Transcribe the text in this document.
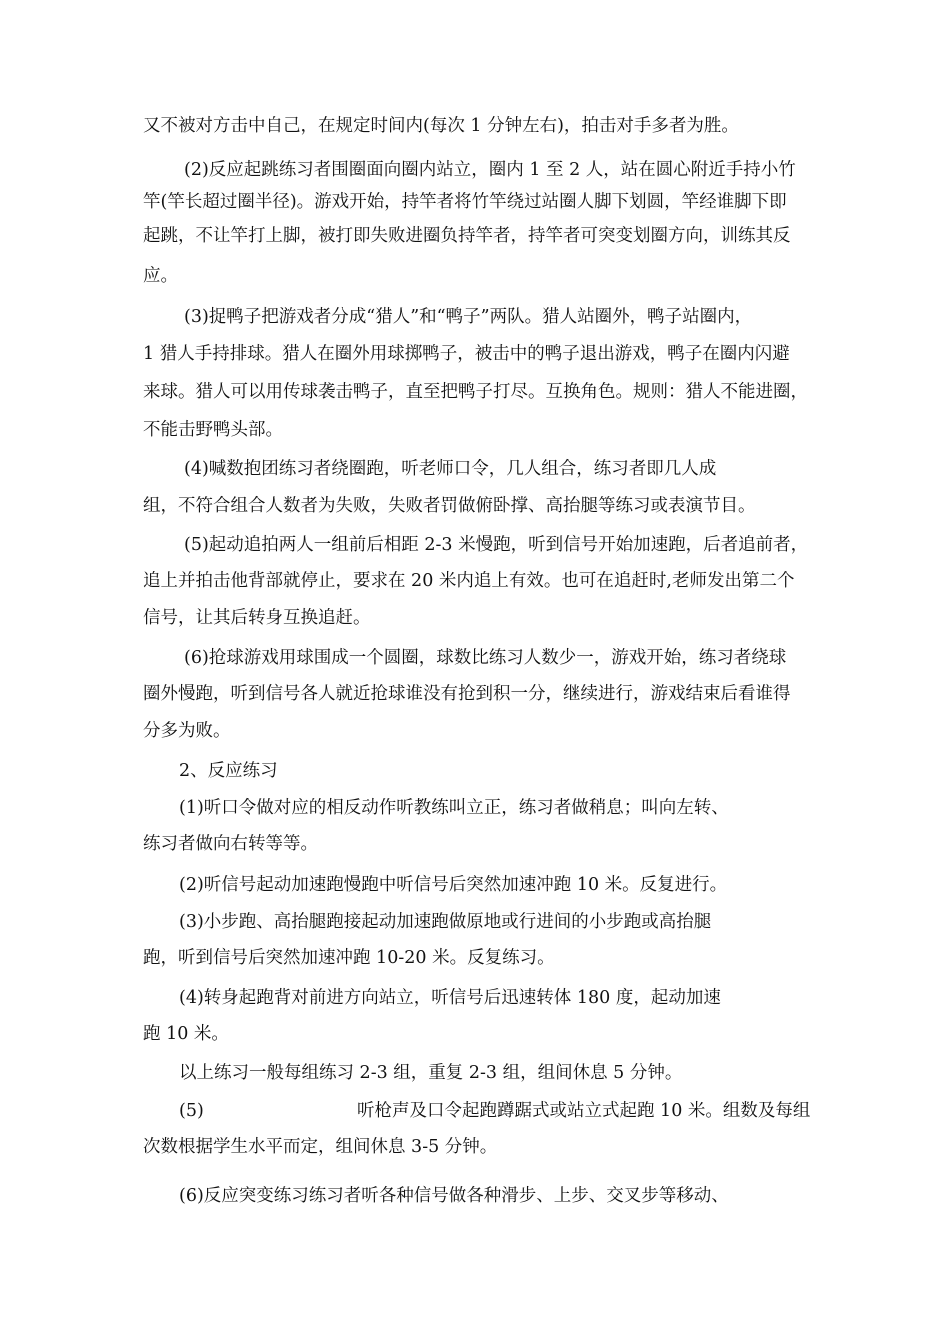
又不被对方击中自己，在规定时间内(每次 1 分钟左右)，拍击对手多者为胜。
(2)反应起跳练习者围圈面向圈内站立，圈内 1 至 2 人，站在圆心附近手持小竹
竿(竿长超过圈半径)。游戏开始，持竿者将竹竿绕过站圈人脚下划圆，竿经谁脚下即
起跳，不让竿打上脚，被打即失败进圈负持竿者，持竿者可突变划圈方向，训练其反
应。
(3)捉鸭子把游戏者分成“猎人”和“鸭子”两队。猎人站圈外，鸭子站圈内，
1 猎人手持排球。猎人在圈外用球掷鸭子，被击中的鸭子退出游戏，鸭子在圈内闪避
来球。猎人可以用传球袭击鸭子，直至把鸭子打尽。互换角色。规则：猎人不能进圈，
不能击野鸭头部。
(4)喊数抱团练习者绕圈跑，听老师口令，几人组合，练习者即几人成
组，不符合组合人数者为失败，失败者罚做俯卧撑、高抬腿等练习或表演节目。
(5)起动追拍两人一组前后相距 2-3 米慢跑，听到信号开始加速跑，后者追前者，
追上并拍击他背部就停止，要求在 20 米内追上有效。也可在追赶时,老师发出第二个
信号，让其后转身互换追赶。
(6)抢球游戏用球围成一个圆圈，球数比练习人数少一，游戏开始，练习者绕球
圈外慢跑，听到信号各人就近抢球谁没有抢到积一分，继续进行，游戏结束后看谁得
分多为败。
2、反应练习
(1)听口令做对应的相反动作听教练叫立正，练习者做稍息；叫向左转、
练习者做向右转等等。
(2)听信号起动加速跑慢跑中听信号后突然加速冲跑 10 米。反复进行。
(3)小步跑、高抬腿跑接起动加速跑做原地或行进间的小步跑或高抬腿
跑，听到信号后突然加速冲跑 10-20 米。反复练习。
(4)转身起跑背对前进方向站立，听信号后迅速转体 180 度，起动加速
跑 10 米。
以上练习一般每组练习 2-3 组，重复 2-3 组，组间休息 5 分钟。
(5)	听枪声及口令起跑蹲踞式或站立式起跑 10 米。组数及每组
次数根据学生水平而定，组间休息 3-5 分钟。
(6)反应突变练习练习者听各种信号做各种滑步、上步、交叉步等移动、
